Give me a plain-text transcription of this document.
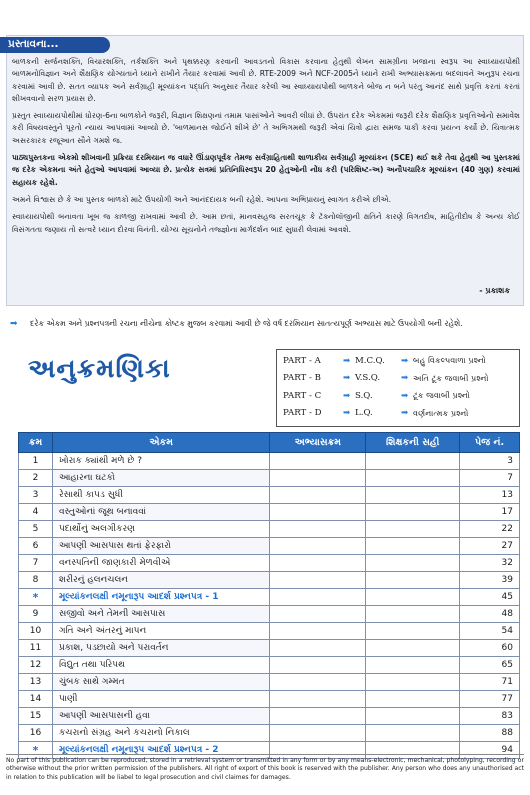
પ્રસ્તાવના...

બાળકની સર્જનશક્તિ, વિચારશક્તિ, તર્કશક્તિ અને પૃથક્કરણ કરવાની આવડતનો વિકાસ કરવાના હેતુથી લેખન સામગ્રીના ખજાના સ્વરૂપ આ સ્વાધ્યાયપોથી બાળમનોવિજ્ઞાન અને શૈક્ષણિક યોગ્યતાને ધ્યાને રાખીને તૈયાર કરવામાં આવી છે. RTE-2009 અને NCF-2005ને ધ્યાને રાખી અભ્યાસક્રમના બદલાવને અનુરૂપ રચના કરવામાં આવી છે. સતત વ્યાપક અને સર્વગ્રાહી મૂલ્યાંકન પદ્ધતિ અનુસાર તૈયાર કરેલી આ સ્વાધ્યાયપોથી બાળકને બોજ ન બને પરંતુ આનંદ સાથે પ્રવૃત્તિ કરતાં કરતાં શીખવવાનો સરળ પ્રયાસ છે.

પ્રસ્તુત સ્વાધ્યાયપોથીમાં ધોરણ-6ના બાળકોને જરૂરી, વિજ્ઞાન શિક્ષણનાં તમામ પાસાંઓને આવરી લીધાં છે. ઉપરાંત દરેક એકમમાં જરૂરી દરેક શૈક્ષણિક પ્રવૃત્તિઓનો સમાવેશ કરી વિષયવસ્તુને પૂરતો ન્યાય આપવામાં આવ્યો છે. 'બાળમાનસ જોઈને શીખે છે' તે અભિગમથી જરૂરી એવાં ચિત્રો દ્વારા સમજ પાકી કરવા પ્રયત્ન કર્યો છે. ચિત્રાત્મક અસરકારક રજૂઆત સૌને ગમશે જ.

પાઠ્યપુસ્તકના એકમો શીખવાની પ્રક્રિયા દરમિયાન જ વધારે ઊંડાણપૂર્વક તેમજ સર્વગ્રાહિતાથી શાળાકીય સર્વગ્રાહી મૂલ્યાંકન (SCE) થઈ શકે તેવા હેતુથી આ પુસ્તકમાં જ દરેક એકમના અંતે હેતુઓ આપવામાં આવ્યા છે. પ્રત્યેક સત્રમાં પ્રતિનિધિસ્વરૂપ 20 હેતુઓની નોંધ કરી (પરિશિષ્ટ-અ) અનૌપચારિક મૂલ્યાંકન (40 ગુણ) કરવામાં સહાયક રહેશે.

અમને વિશ્વાસ છે કે આ પુસ્તક બાળકો માટે ઉપયોગી અને આનંદદાયક બની રહેશે. આપના અભિપ્રાયનું સ્વાગત કરીએ છીએ.

સ્વાધ્યાયપોથી બનાવતા ખૂબ જ કાળજી રાખવામાં આવી છે. આમ છતાં, માનવસહજ સરતચૂક કે ટૅક્નોલૉજીની ક્ષતિને કારણે વિગતદોષ, માહિતીદોષ કે અન્ય કોઈ વિસંગતતા જણાય તો સત્વરે ધ્યાન દોરવા વિનંતી. યોગ્ય સૂચનોને તજ્જ્ઞોના માર્ગદર્શન બાદ સુધારી લેવામાં આવશે.

- પ્રકાશક
➡ દરેક એકમ અને પ્રશ્નપત્રની રચના નીચેના કોષ્ટક મુજબ કરવામાં આવી છે જે વર્ષ દરમિયાન સાતત્યપૂર્ણ અભ્યાસ માટે ઉપયોગી બની રહેશે.
અનુક્રમણિકા	PART - A	➡ M.C.Q.	➡ બહુ વિકલ્પવાળા પ્રશ્નો
PART - B	➡ V.S.Q.	➡ અતિ ટૂંક જવાબી પ્રશ્નો
PART - C	➡ S.Q.	➡ ટૂંક જવાબી પ્રશ્નો
PART - D	➡ L.Q.	➡ વર્ણનાત્મક પ્રશ્નો
ક્રમ	એકમ	અભ્યાસક્રમ	શિક્ષકની સહી	પેજ નં.
1	ખોરાક ક્યાંથી મળે છે ?			3
2	આહારના ઘટકો			7
3	રેસાથી કાપડ સુધી			13
4	વસ્તુઓનાં જૂથ બનાવવાં			17
5	પદાર્થોનું અલગીકરણ			22
6	આપણી આસપાસ થતાં ફેરફારો			27
7	વનસ્પતિની જાણકારી મેળવીએ			32
8	શરીરનું હલનચલન			39
*	મૂલ્યાંકનલક્ષી નમૂનારૂપ આદર્શ પ્રશ્નપત્ર - 1			45
9	સજીવો અને તેમની આસપાસ			48
10	ગતિ અને અંતરનું માપન			54
11	પ્રકાશ, પડછાયો અને પરાવર્તન			60
12	વિદ્યુત તથા પરિપથ			65
13	ચુંબક સાથે ગમ્મત			71
14	પાણી			77
15	આપણી આસપાસની હવા			83
16	કચરાનો સંગ્રહ અને કચરાનો નિકાલ			88
*	મૂલ્યાંકનલક્ષી નમૂનારૂપ આદર્શ પ્રશ્નપત્ર - 2			94
No part of this publication can be reproduced, stored in a retrieval system or transmitted in any form or by any means-electronic, mechanical, photolyping, recording or otherwise without the prior written permission of the publishers. All right of export of this book is reserved with the publisher. Any person who does any unauthorised act in relation to this publication will be liabel to legal prosecution and civil claimes for damages.
